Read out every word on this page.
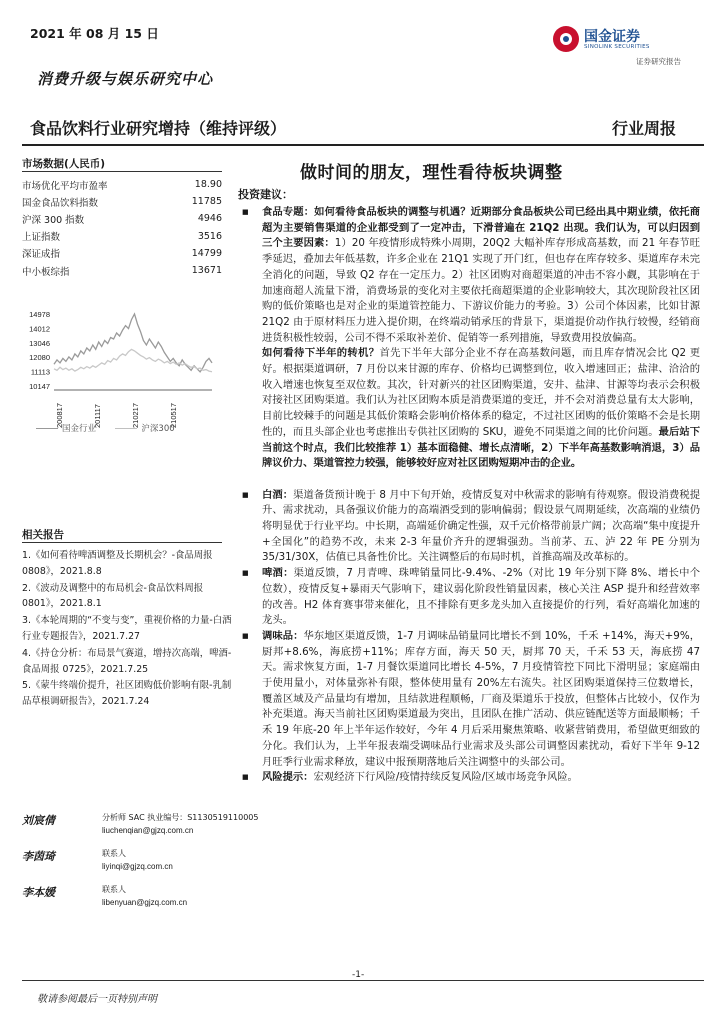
2021 年 08 月 15 日	国金证券
SINOLINK SECURITIES
证券研究报告
消费升级与娱乐研究中心
食品饮料行业研究增持（维持评级）	行业周报
市场数据(人民币)
市场优化平均市盈率	18.90
国金食品饮料指数	11785
沪深 300 指数	4946
上证指数	3516
深证成指	14799
中小板综指	13671
14978
14012
13046
12080
11113
10147
200817	201117	210217	210517
国金行业	沪深300
相关报告
1.《如何看待啤酒调整及长期机会？-食品周报 0808》，2021.8.8
2.《波动及调整中的布局机会-食品饮料周报 0801》，2021.8.1
3.《本轮周期的“不变与变”，重视价格的力量-白酒行业专题报告》，2021.7.27
4.《持仓分析：布局景气赛道，增持次高端，啤酒-食品周报 0725》，2021.7.25
5.《蒙牛终端价提升，社区团购低价影响有限-乳制品草根调研报告》，2021.7.24
刘宸倩	分析师 SAC 执业编号：S1130519110005
liuchenqian@gjzq.com.cn
李茵琦	联系人
liyinqi@gjzq.com.cn
李本媛	联系人
libenyuan@gjzq.com.cn
做时间的朋友，理性看待板块调整
投资建议：
■ 食品专题：如何看待食品板块的调整与机遇？近期部分食品板块公司已经出具中期业绩，依托商超为主要销售渠道的企业都受到了一定冲击，下滑普遍在 21Q2 出现。我们认为，可以归因到三个主要因素：1）20 年疫情形成特殊小周期，20Q2 大幅补库存形成高基数，而 21 年春节旺季延迟，叠加去年低基数，许多企业在 21Q1 实现了开门红，但也存在库存较多、渠道库存未完全消化的问题，导致 Q2 存在一定压力。2）社区团购对商超渠道的冲击不容小觑，其影响在于加速商超人流量下滑，消费场景的变化对主要依托商超渠道的企业影响较大，其次现阶段社区团购的低价策略也是对企业的渠道管控能力、下游议价能力的考验。3）公司个体因素，比如甘源 21Q2 由于原材料压力进入提价期，在终端动销承压的背景下，渠道提价动作执行较慢，经销商进货积极性较弱，公司不得不采取补差价、促销等一系列措施，导致费用投放偏高。
如何看待下半年的转机？首先下半年大部分企业不存在高基数问题，而且库存情况会比 Q2 更好。根据渠道调研，7 月份以来甘源的库存、价格均已调整到位，收入增速回正；盐津、洽洽的收入增速也恢复至双位数。其次，针对新兴的社区团购渠道，安井、盐津、甘源等均表示会积极对接社区团购渠道。我们认为社区团购本质是消费渠道的变迁，并不会对消费总量有太大影响，目前比较棘手的问题是其低价策略会影响价格体系的稳定，不过社区团购的低价策略不会是长期性的，而且头部企业也考虑推出专供社区团购的 SKU，避免不同渠道之间的比价问题。最后站下当前这个时点，我们比较推荐 1）基本面稳健、增长点清晰，2）下半年高基数影响消退，3）品牌议价力、渠道管控力较强，能够较好应对社区团购短期冲击的企业。
■ 白酒：渠道备货预计晚于 8 月中下旬开始，疫情反复对中秋需求的影响有待观察。假设消费税提升、需求扰动，具备强议价能力的高端酒受到的影响偏弱；假设景气周期延续，次高端的业绩仍将明显优于行业平均。中长期，高端延价确定性强，双千元价格带前景广阔；次高端“集中度提升+全国化”的趋势不改，未来 2-3 年量价齐升的逻辑强劲。当前茅、五、泸 22 年 PE 分别为 35/31/30X，估值已具备性价比。关注调整后的布局时机，首推高端及改革标的。
■ 啤酒：渠道反馈，7 月青啤、珠啤销量同比-9.4%、-2%（对比 19 年分别下降 8%、增长中个位数），疫情反复+暴雨天气影响下，建议弱化阶段性销量因素，核心关注 ASP 提升和经营效率的改善。H2 体育赛事带来催化，且不排除有更多龙头加入直接提价的行列，看好高端化加速的龙头。
■ 调味品：华东地区渠道反馈，1-7 月调味品销量同比增长不到 10%，千禾 +14%，海天+9%，厨邦+8.6%，海底捞+11%；库存方面，海天 50 天，厨邦 70 天，千禾 53 天，海底捞 47 天。需求恢复方面，1-7 月餐饮渠道同比增长 4-5%，7 月疫情管控下同比下滑明显；家庭端由于使用量小，对体量弥补有限，整体使用量有 20%左右流失。社区团购渠道保持三位数增长，覆盖区域及产品量均有增加，且结款进程顺畅，厂商及渠道乐于投放，但整体占比较小，仅作为补充渠道。海天当前社区团购渠道最为突出，且团队在推广活动、供应链配送等方面最顺畅；千禾 19 年底-20 年上半年运作较好，今年 4 月后采用聚焦策略、收紧营销费用，希望做更细致的分化。我们认为，上半年报表端受调味品行业需求及头部公司调整因素扰动，看好下半年 9-12 月旺季行业需求释放，建议中报预期落地后关注调整中的头部公司。
■ 风险提示：宏观经济下行风险/疫情持续反复风险/区域市场竞争风险。
-1-
敬请参阅最后一页特别声明
